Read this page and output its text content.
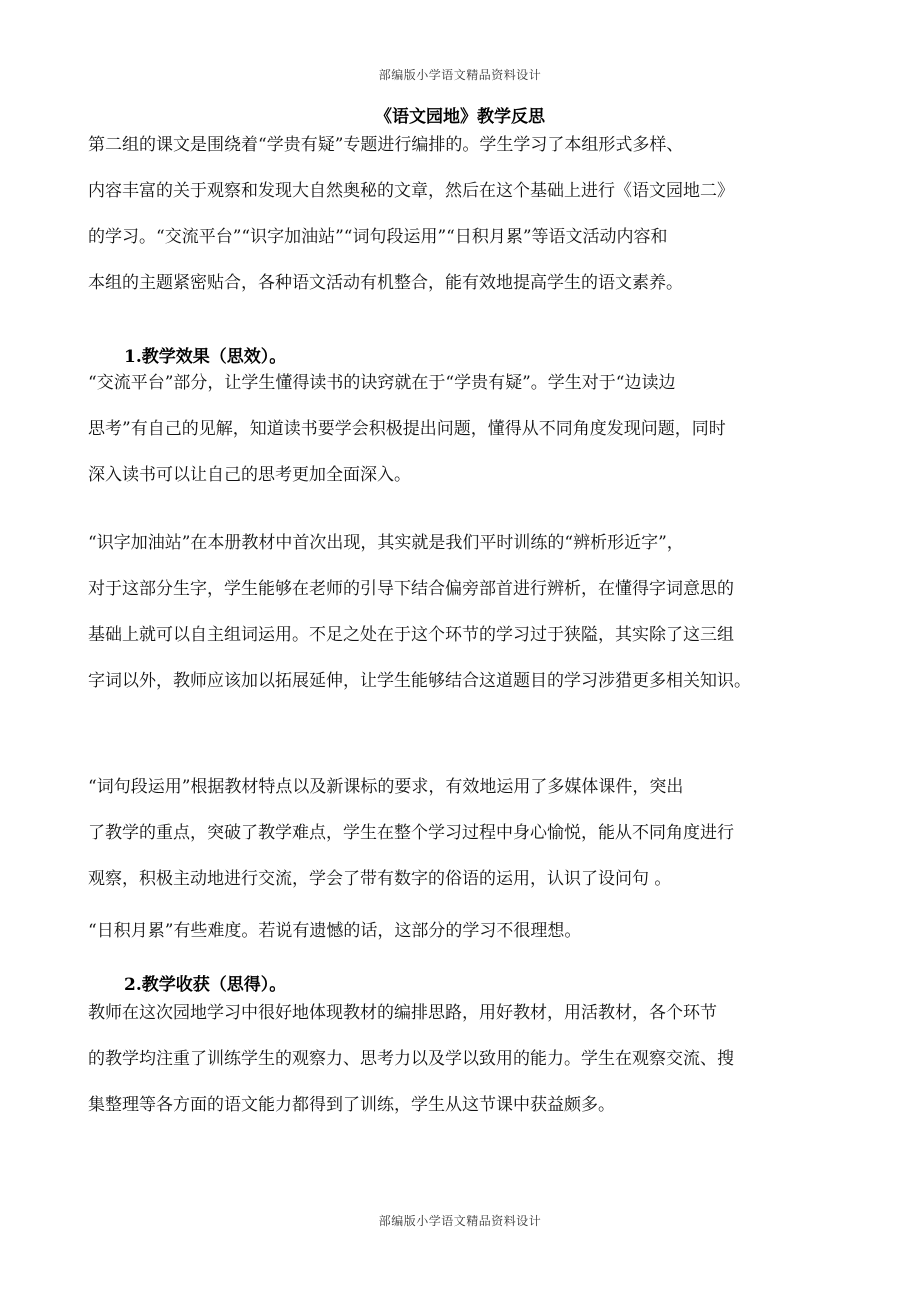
部编版小学语文精品资料设计
《语文园地》教学反思
第二组的课文是围绕着“学贵有疑”专题进行编排的。学生学习了本组形式多样、
内容丰富的关于观察和发现大自然奥秘的文章，然后在这个基础上进行《语文园地二》
的学习。“交流平台”“识字加油站”“词句段运用”“日积月累”等语文活动内容和
本组的主题紧密贴合，各种语文活动有机整合，能有效地提高学生的语文素养。
1.教学效果（思效）。
“交流平台”部分，让学生懂得读书的诀窍就在于“学贵有疑”。学生对于“边读边
思考”有自己的见解，知道读书要学会积极提出问题，懂得从不同角度发现问题，同时
深入读书可以让自己的思考更加全面深入。
“识字加油站”在本册教材中首次出现，其实就是我们平时训练的“辨析形近字”，
对于这部分生字，学生能够在老师的引导下结合偏旁部首进行辨析，在懂得字词意思的
基础上就可以自主组词运用。不足之处在于这个环节的学习过于狭隘，其实除了这三组
字词以外，教师应该加以拓展延伸，让学生能够结合这道题目的学习涉猎更多相关知识。
“词句段运用”根据教材特点以及新课标的要求，有效地运用了多媒体课件，突出
了教学的重点，突破了教学难点，学生在整个学习过程中身心愉悦，能从不同角度进行
观察，积极主动地进行交流，学会了带有数字的俗语的运用，认识了设问句 。
“日积月累”有些难度。若说有遗憾的话，这部分的学习不很理想。
2.教学收获（思得）。
教师在这次园地学习中很好地体现教材的编排思路，用好教材，用活教材，各个环节
的教学均注重了训练学生的观察力、思考力以及学以致用的能力。学生在观察交流、搜
集整理等各方面的语文能力都得到了训练，学生从这节课中获益颇多。
部编版小学语文精品资料设计
